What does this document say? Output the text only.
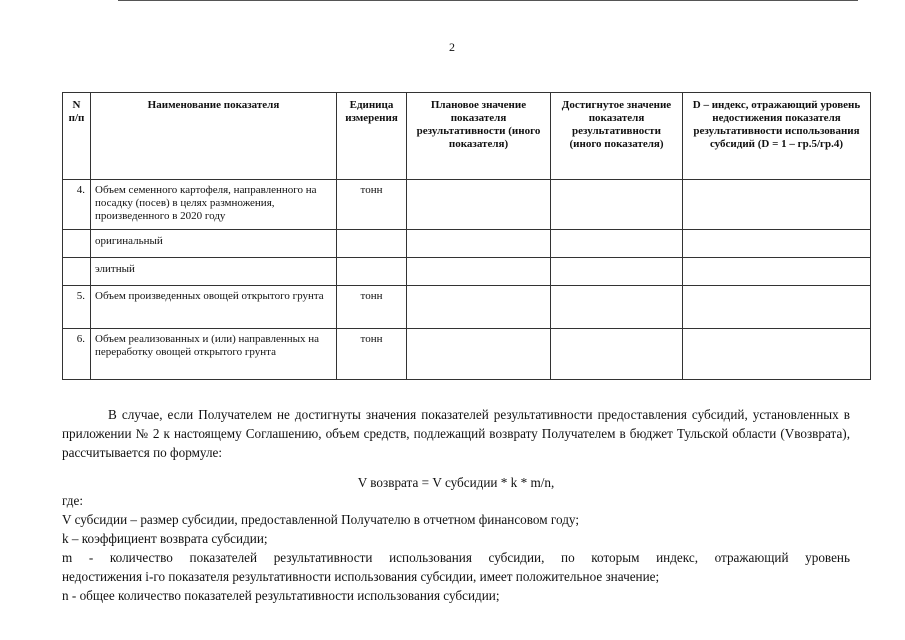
2
N п/п	Наименование показателя	Единица измерения	Плановое значение показателя результативности (иного показателя)	Достигнутое значение показателя результативности (иного показателя)	D – индекс, отражающий уровень недостижения показателя результативности использования субсидий (D = 1 – гр.5/гр.4)
4.	Объем семенного картофеля, направленного на посадку (посев) в целях размножения, произведенного в 2020 году	тонн			
	оригинальный				
	элитный				
5.	Объем произведенных овощей открытого грунта	тонн			
6.	Объем реализованных и (или) направленных на переработку овощей открытого грунта	тонн			

В случае, если Получателем не достигнуты значения показателей результативности предоставления субсидий, установленных в приложении № 2 к настоящему Соглашению, объем средств, подлежащий возврату Получателем в бюджет Тульской области (Vвозврата), рассчитывается по формуле:

V возврата = V субсидии * k * m/n,

где:

V субсидии – размер субсидии, предоставленной Получателю в отчетном финансовом году;

k – коэффициент возврата субсидии;

m - количество показателей результативности использования субсидии, по которым индекс, отражающий уровень

недостижения i-го показателя результативности использования субсидии, имеет положительное значение;

n - общее количество показателей результативности использования субсидии;
